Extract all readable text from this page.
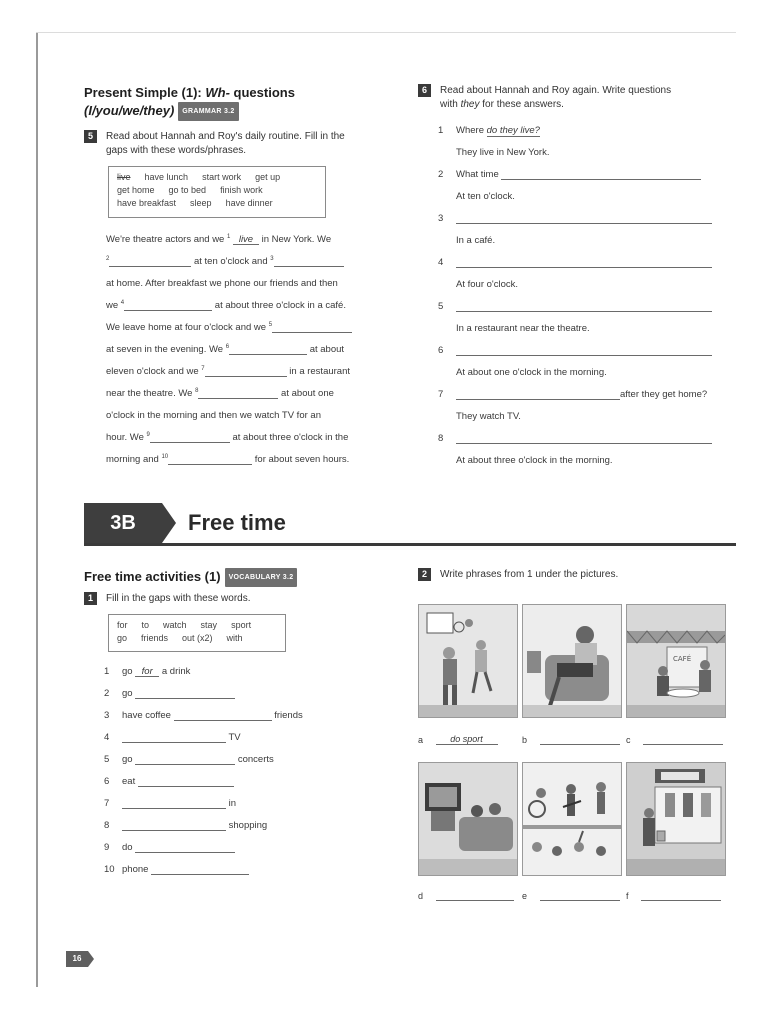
Present Simple (1): Wh- questions
(I/you/we/they) GRAMMAR 3.2
5 Read about Hannah and Roy's daily routine. Fill in the
gaps with these words/phrases.
live have lunch start work get up
get home go to bed finish work
have breakfast sleep have dinner
We're theatre actors and we $^1$ live in New York. We
$^2$	at ten o'clock and $^3$
at home. After breakfast we phone our friends and then
we $^4$	at about three o'clock in a café.
We leave home at four o'clock and we $^5$
at seven in the evening. We $^6$	at about
eleven o'clock and we $^7$	in a restaurant
near the theatre. We $^8$	at about one
o'clock in the morning and then we watch TV for an
hour. We $^9$	at about three o'clock in the
morning and $^{10}$	for about seven hours.
6 Read about Hannah and Roy again. Write questions
with they for these answers.
1 Where do they live?
They live in New York.
2 What time
At ten o'clock.
3
In a café.
4
At four o'clock.
5
In a restaurant near the theatre.
6
At about one o'clock in the morning.
7	after they get home?
They watch TV.
8
At about three o'clock in the morning.
3B	Free time
Free time activities (1) VOCABULARY 3.2
1 Fill in the gaps with these words.
for to watch stay sport
go friends out (x2) with
1 go for a drink
2 go
3 have coffee	friends
4	TV
5 go	concerts
6 eat
7	in
8	shopping
9 do
10 phone
2 Write phrases from 1 under the pictures.
CAFÉ
a	do sport	b	c
d	e	f
16
